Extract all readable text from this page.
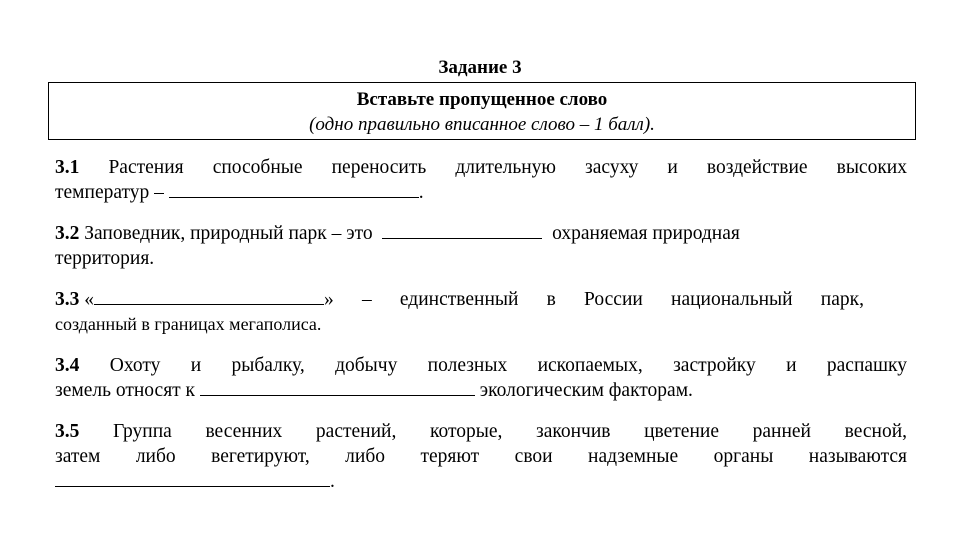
Задание 3
Вставьте пропущенное слово
(одно правильно вписанное слово – 1 балл).
3.1 Растения способные переносить длительную засуху и воздействие высоких
температур –	.
3.2 Заповедник, природный парк – это	охраняемая природная
территория.
3.3 «	» – единственный в России национальный парк,
созданный в границах мегаполиса.
3.4 Охоту и рыбалку, добычу полезных ископаемых, застройку и распашку
земель относят к	экологическим факторам.
3.5 Группа весенних растений, которые, закончив цветение ранней весной,
затем либо вегетируют, либо теряют свои надземные органы называются
.
